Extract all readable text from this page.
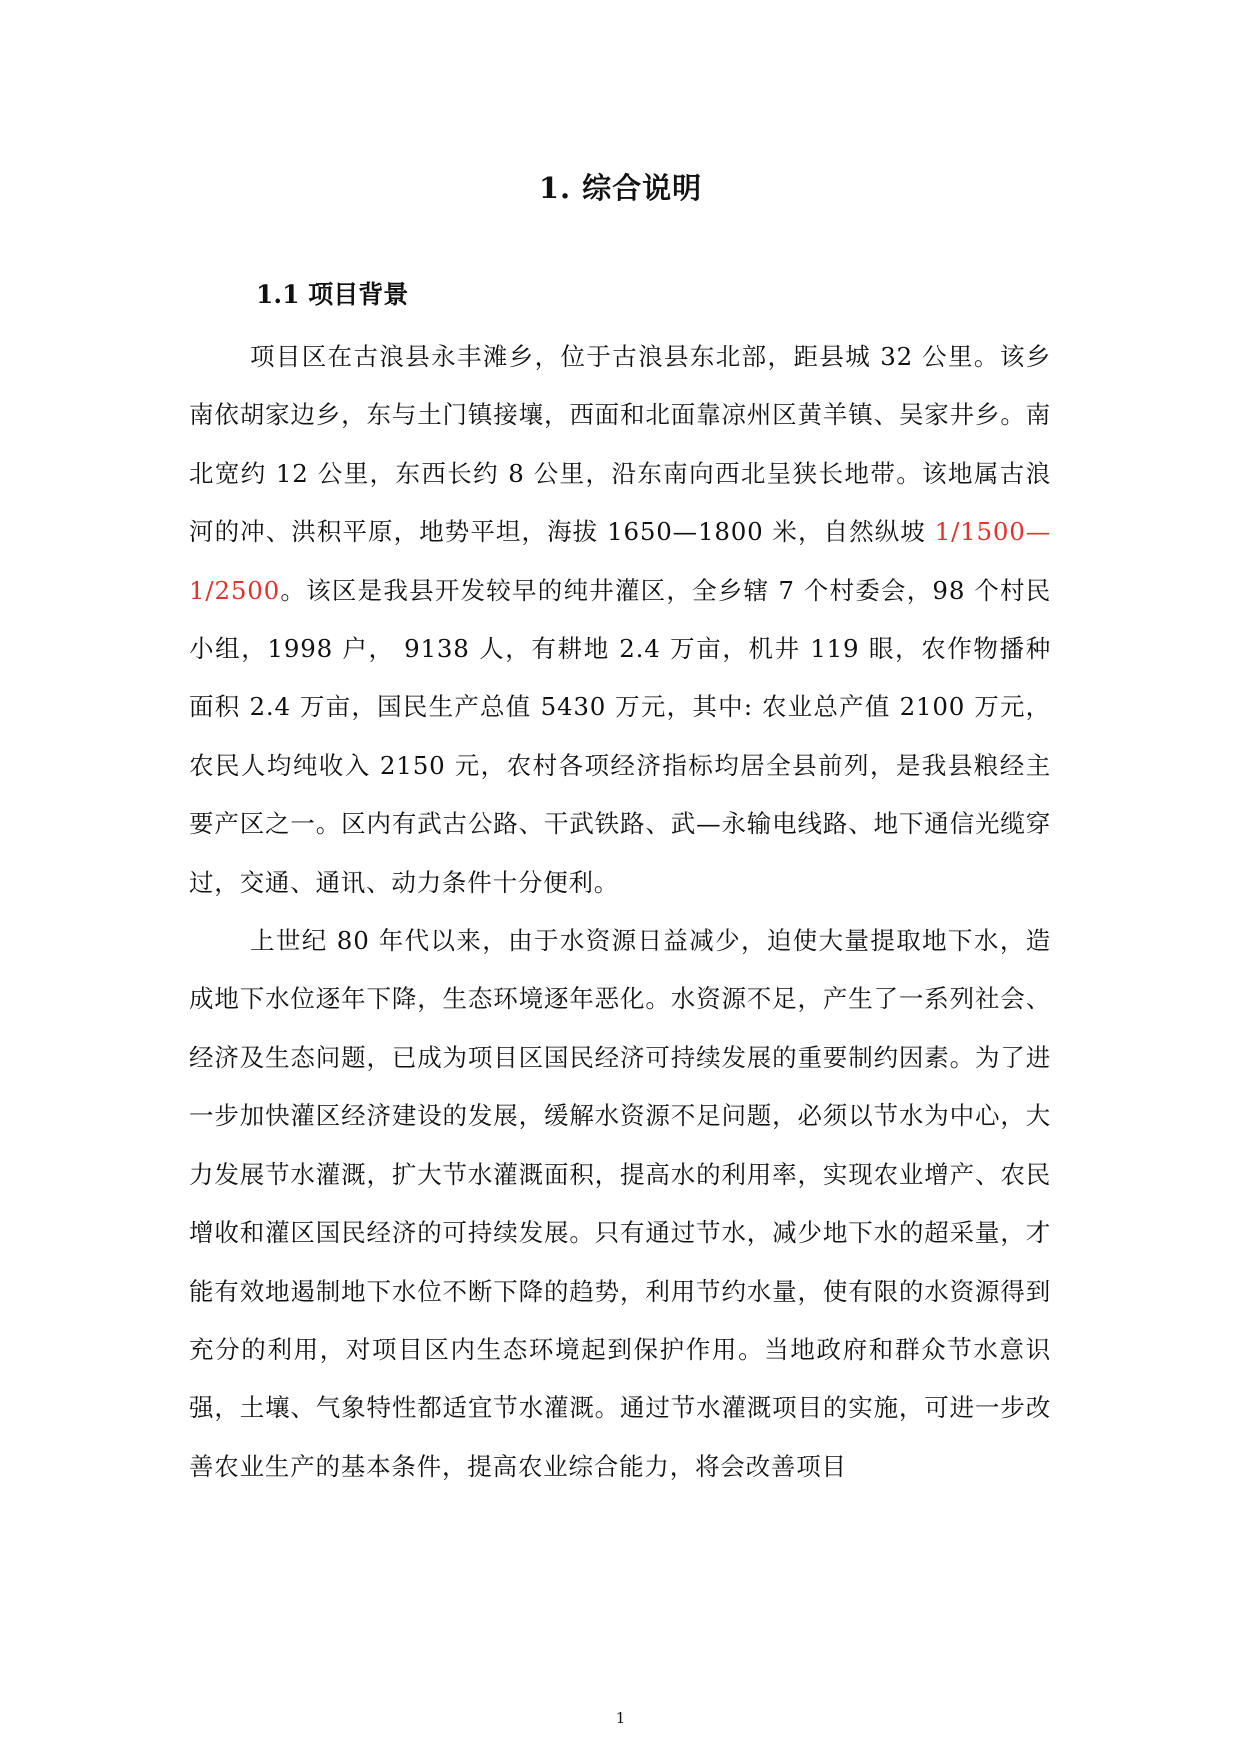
1. 综合说明
1.1 项目背景

项目区在古浪县永丰滩乡，位于古浪县东北部，距县城 32 公里。该乡南依胡家边乡，东与土门镇接壤，西面和北面靠凉州区黄羊镇、吴家井乡。南北宽约 12 公里，东西长约 8 公里，沿东南向西北呈狭长地带。该地属古浪河的冲、洪积平原，地势平坦，海拔 1650—1800 米，自然纵坡 1/1500—1/2500。该区是我县开发较早的纯井灌区，全乡辖 7 个村委会，98 个村民小组，1998 户， 9138 人，有耕地 2.4 万亩，机井 119 眼，农作物播种面积 2.4 万亩，国民生产总值 5430 万元，其中: 农业总产值 2100 万元，农民人均纯收入 2150 元，农村各项经济指标均居全县前列，是我县粮经主要产区之一。区内有武古公路、干武铁路、武—永输电线路、地下通信光缆穿过，交通、通讯、动力条件十分便利。

上世纪 80 年代以来，由于水资源日益减少，迫使大量提取地下水，造成地下水位逐年下降，生态环境逐年恶化。水资源不足，产生了一系列社会、经济及生态问题，已成为项目区国民经济可持续发展的重要制约因素。为了进一步加快灌区经济建设的发展，缓解水资源不足问题，必须以节水为中心，大力发展节水灌溉，扩大节水灌溉面积，提高水的利用率，实现农业增产、农民增收和灌区国民经济的可持续发展。只有通过节水，减少地下水的超采量，才能有效地遏制地下水位不断下降的趋势，利用节约水量，使有限的水资源得到充分的利用，对项目区内生态环境起到保护作用。当地政府和群众节水意识强，土壤、气象特性都适宜节水灌溉。通过节水灌溉项目的实施，可进一步改善农业生产的基本条件，提高农业综合能力，将会改善项目

1
